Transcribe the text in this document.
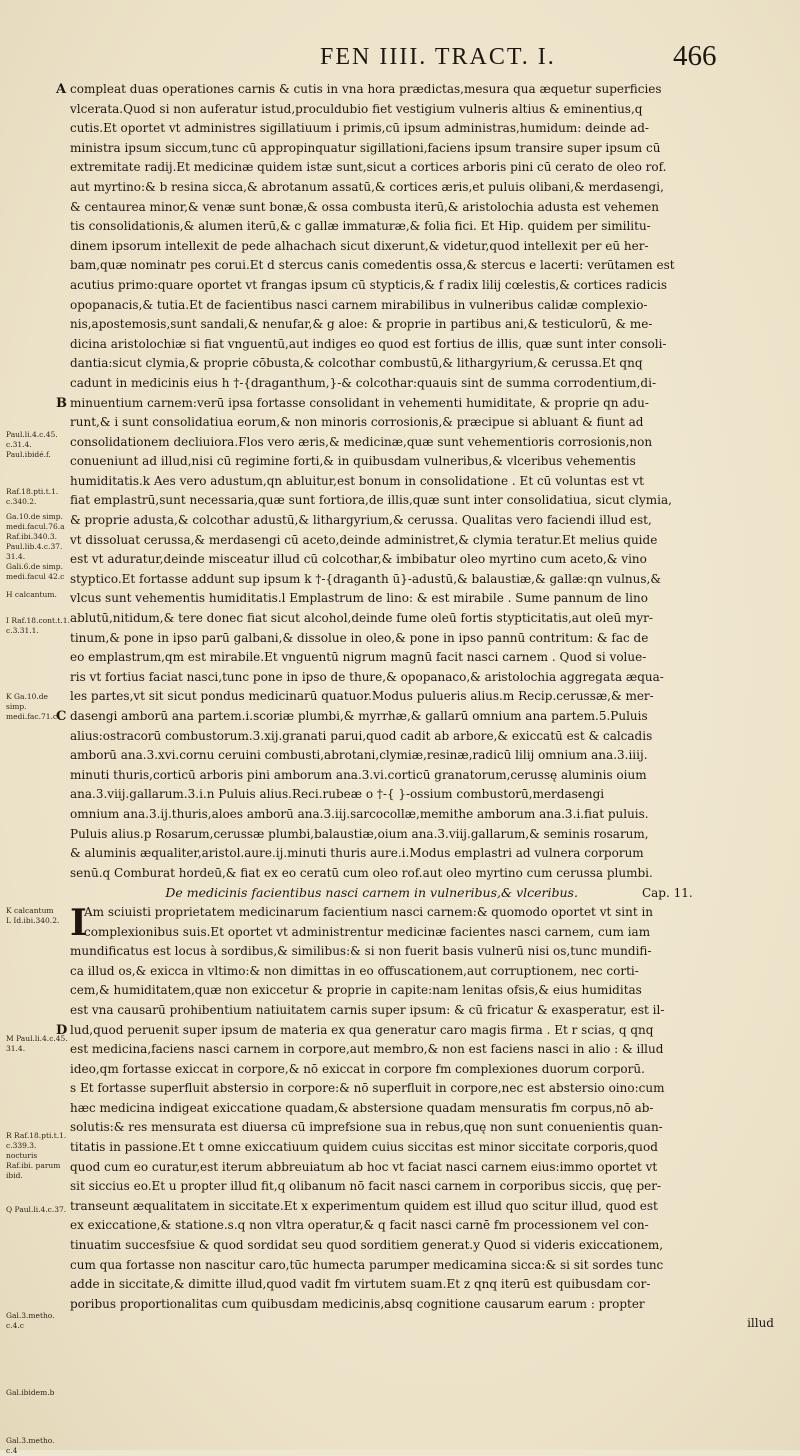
FEN IIII. TRACT. I.	466
Paul.li.4.c.45.
c.31.4.
Paul.ibidé.f.
Raf.18.pti.t.1.
c.340.2.
Ga.10.de simp.
medi.facul.76.a
Raf.ibi.340.3.
Paul.lib.4.c.37.
31.4.
Gali.6.de simp.
medi.facul 42.c
H calcantum.
I Raf.18.cont.t.1.
c.3.31.1.
K Ga.10.de simp.
medi.fac.71.c
K calcantum
L Id.ibi.340.2.
M Paul.li.4.c.45.
31.4.
R Raf.18.pti.t.1.
c.339.3.
nocturis
Raf.ibi. parum
ibid.
Q Paul.li.4.c.37.
Gal.3.metho.
c.4.c
Gal.ibidem.b
Gal.3.metho.
c.4
A compleat duas operationes carnis & cutis in vna hora prædictas,mesura qua æquetur superficies
vlcerata.Quod si non auferatur istud,proculdubio fiet vestigium vulneris altius & eminentius,q
cutis.Et oportet vt administres sigillatiuum i primis,cū ipsum administras,humidum: deinde ad-
ministra ipsum siccum,tunc cū appropinquatur sigillationi,faciens ipsum transire super ipsum cū
extremitate radij.Et medicinæ quidem istæ sunt,sicut a cortices arboris pini cū cerato de oleo rof.
aut myrtino:& b resina sicca,& abrotanum assatū,& cortices æris,et puluis olibani,& merdasengi,
& centaurea minor,& venæ sunt bonæ,& ossa combusta iterū,& aristolochia adusta est vehemen
tis consolidationis,& alumen iterū,& c gallæ immaturæ,& folia fici. Et Hip. quidem per similitu-
dinem ipsorum intellexit de pede alhachach sicut dixerunt,& videtur,quod intellexit per eū her-
bam,quæ nominatr pes corui.Et d stercus canis comedentis ossa,& stercus e lacerti: verūtamen est
acutius primo:quare oportet vt frangas ipsum cū stypticis,& f radix lilij cœlestis,& cortices radicis
opopanacis,& tutia.Et de facientibus nasci carnem mirabilibus in vulneribus calidæ complexio-
nis,apostemosis,sunt sandali,& nenufar,& g aloe: & proprie in partibus ani,& testiculorū, & me-
dicina aristolochiæ si fiat vnguentū,aut indiges eo quod est fortius de illis, quæ sunt inter consoli-
dantia:sicut clymia,& proprie cōbusta,& colcothar combustū,& lithargyrium,& cerussa.Et qnq
cadunt in medicinis eius h †-{draganthum,}-& colcothar:quauis sint de summa corrodentium,di-
B minuentium carnem:verū ipsa fortasse consolidant in vehementi humiditate, & proprie qn adu-
runt,& i sunt consolidatiua eorum,& non minoris corrosionis,& præcipue si abluant & fiunt ad
consolidationem decliuiora.Flos vero æris,& medicinæ,quæ sunt vehementioris corrosionis,non
conueniunt ad illud,nisi cū regimine forti,& in quibusdam vulneribus,& vlceribus vehementis
humiditatis.k Aes vero adustum,qn abluitur,est bonum in consolidatione . Et cū voluntas est vt
fiat emplastrū,sunt necessaria,quæ sunt fortiora,de illis,quæ sunt inter consolidatiua, sicut clymia,
& proprie adusta,& colcothar adustū,& lithargyrium,& cerussa. Qualitas vero faciendi illud est,
vt dissoluat cerussa,& merdasengi cū aceto,deinde administret,& clymia teratur.Et melius quide
est vt aduratur,deinde misceatur illud cū colcothar,& imbibatur oleo myrtino cum aceto,& vino
styptico.Et fortasse addunt sup ipsum k †-{draganth ū}-adustū,& balaustiæ,& gallæ:qn vulnus,&
vlcus sunt vehementis humiditatis.l Emplastrum de lino: & est mirabile . Sume pannum de lino
ablutū,nitidum,& tere donec fiat sicut alcohol,deinde fume oleū fortis stypticitatis,aut oleū myr-
tinum,& pone in ipso parū galbani,& dissolue in oleo,& pone in ipso pannū contritum: & fac de
eo emplastrum,qm est mirabile.Et vnguentū nigrum magnū facit nasci carnem . Quod si volue-
ris vt fortius faciat nasci,tunc pone in ipso de thure,& opopanaco,& aristolochia aggregata æqua-
les partes,vt sit sicut pondus medicinarū quatuor.Modus pulueris alius.m Recip.cerussæ,& mer-
C dasengi amborū ana partem.i.scoriæ plumbi,& myrrhæ,& gallarū omnium ana partem.5.Puluis
alius:ostracorū combustorum.3.xij.granati parui,quod cadit ab arbore,& exiccatū est & calcadis
amborū ana.3.xvi.cornu ceruini combusti,abrotani,clymiæ,resinæ,radicū lilij omnium ana.3.iiij.
minuti thuris,corticū arboris pini amborum ana.3.vi.corticū granatorum,cerussę aluminis oium
ana.3.viij.gallarum.3.i.n Puluis alius.Reci.rubeæ o †-{ }-ossium combustorū,merdasengi
omnium ana.3.ij.thuris,aloes amborū ana.3.iij.sarcocollæ,memithe amborum ana.3.i.fiat puluis.
Puluis alius.p Rosarum,cerussæ plumbi,balaustiæ,oium ana.3.viij.gallarum,& seminis rosarum,
& aluminis æqualiter,aristol.aure.ij.minuti thuris aure.i.Modus emplastri ad vulnera corporum
senū.q Comburat hordeū,& fiat ex eo ceratū cum oleo rof.aut oleo myrtino cum cerussa plumbi.
De medicinis facientibus nasci carnem in vulneribus,& vlceribus.	Cap. 11.
I
Am sciuisti proprietatem medicinarum facientium nasci carnem:& quomodo oportet vt sint in
complexionibus suis.Et oportet vt administrentur medicinæ facientes nasci carnem, cum iam
mundificatus est locus à sordibus,& similibus:& si non fuerit basis vulnerū nisi os,tunc mundifi-
ca illud os,& exicca in vltimo:& non dimittas in eo offuscationem,aut corruptionem, nec corti-
cem,& humiditatem,quæ non exiccetur & proprie in capite:nam lenitas ofsis,& eius humiditas
est vna causarū prohibentium natiuitatem carnis super ipsum: & cū fricatur & exasperatur, est il-
D lud,quod peruenit super ipsum de materia ex qua generatur caro magis firma . Et r scias, q qnq
est medicina,faciens nasci carnem in corpore,aut membro,& non est faciens nasci in alio : & illud
ideo,qm fortasse exiccat in corpore,& nō exiccat in corpore fm complexiones duorum corporū.
s Et fortasse superfluit abstersio in corpore:& nō superfluit in corpore,nec est abstersio oino:cum
hæc medicina indigeat exiccatione quadam,& abstersione quadam mensuratis fm corpus,nō ab-
solutis:& res mensurata est diuersa cū imprefsione sua in rebus,quę non sunt conuenientis quan-
titatis in passione.Et t omne exiccatiuum quidem cuius siccitas est minor siccitate corporis,quod
quod cum eo curatur,est iterum abbreuiatum ab hoc vt faciat nasci carnem eius:immo oportet vt
sit siccius eo.Et u propter illud fit,q olibanum nō facit nasci carnem in corporibus siccis, quę per-
transeunt æqualitatem in siccitate.Et x experimentum quidem est illud quo scitur illud, quod est
ex exiccatione,& statione.s.q non vltra operatur,& q facit nasci carnē fm processionem vel con-
tinuatim succesfsiue & quod sordidat seu quod sorditiem generat.y Quod si videris exiccationem,
cum qua fortasse non nascitur caro,tūc humecta parumper medicamina sicca:& si sit sordes tunc
adde in siccitate,& dimitte illud,quod vadit fm virtutem suam.Et z qnq iterū est quibusdam cor-
poribus proportionalitas cum quibusdam medicinis,absq cognitione causarum earum : propter
illud
